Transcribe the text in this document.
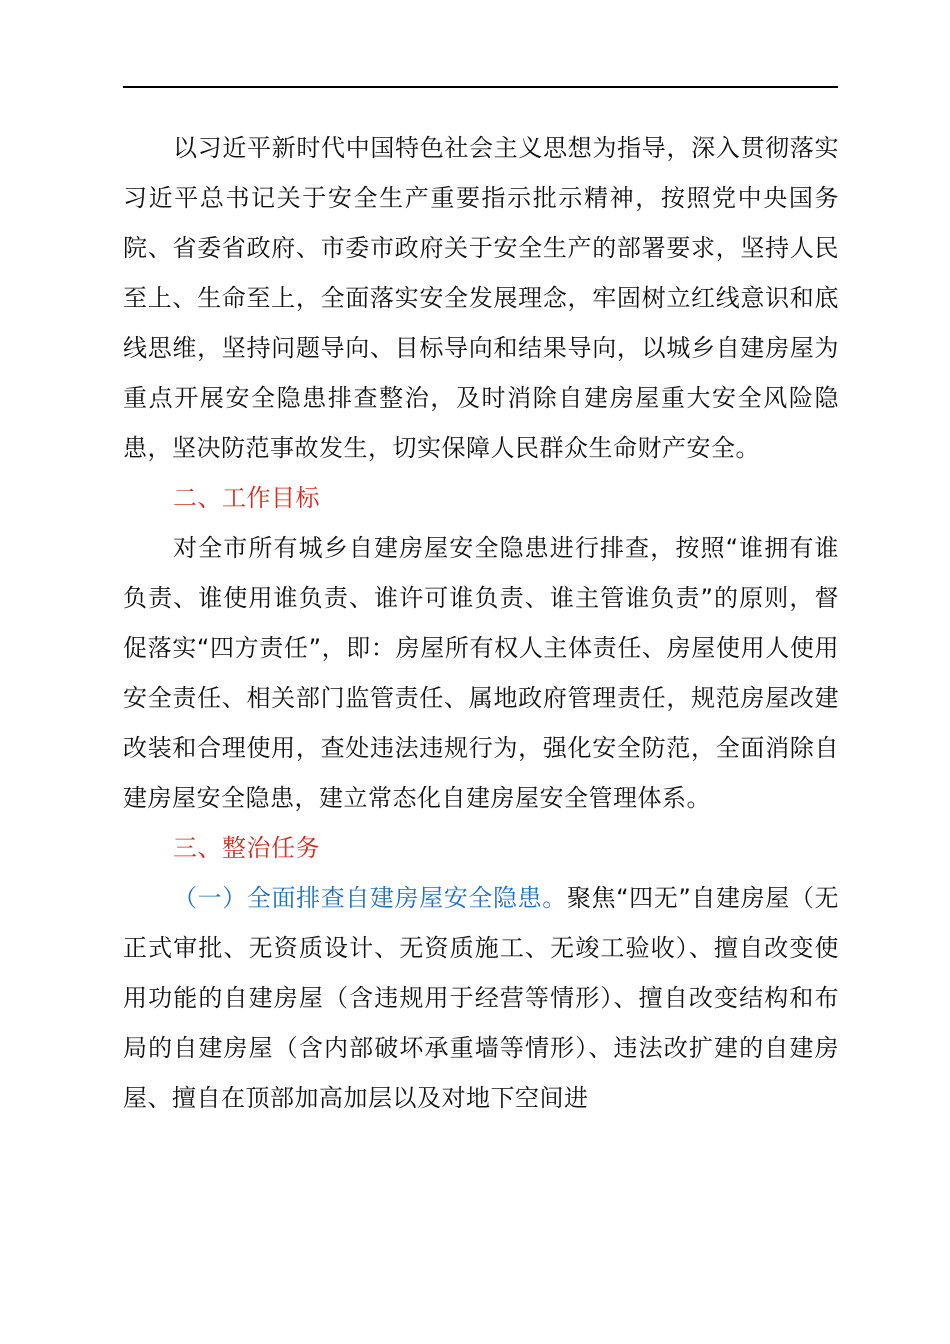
以习近平新时代中国特色社会主义思想为指导，深入贯彻落实习近平总书记关于安全生产重要指示批示精神，按照党中央国务院、省委省政府、市委市政府关于安全生产的部署要求，坚持人民至上、生命至上，全面落实安全发展理念，牢固树立红线意识和底线思维，坚持问题导向、目标导向和结果导向，以城乡自建房屋为重点开展安全隐患排查整治，及时消除自建房屋重大安全风险隐患，坚决防范事故发生，切实保障人民群众生命财产安全。

二、工作目标

对全市所有城乡自建房屋安全隐患进行排查，按照“谁拥有谁负责、谁使用谁负责、谁许可谁负责、谁主管谁负责”的原则，督促落实“四方责任”，即：房屋所有权人主体责任、房屋使用人使用安全责任、相关部门监管责任、属地政府管理责任，规范房屋改建改装和合理使用，查处违法违规行为，强化安全防范，全面消除自建房屋安全隐患，建立常态化自建房屋安全管理体系。

三、整治任务

（一）全面排查自建房屋安全隐患。聚焦“四无”自建房屋（无正式审批、无资质设计、无资质施工、无竣工验收）、擅自改变使用功能的自建房屋（含违规用于经营等情形）、擅自改变结构和布局的自建房屋（含内部破坏承重墙等情形）、违法改扩建的自建房屋、擅自在顶部加高加层以及对地下空间进
